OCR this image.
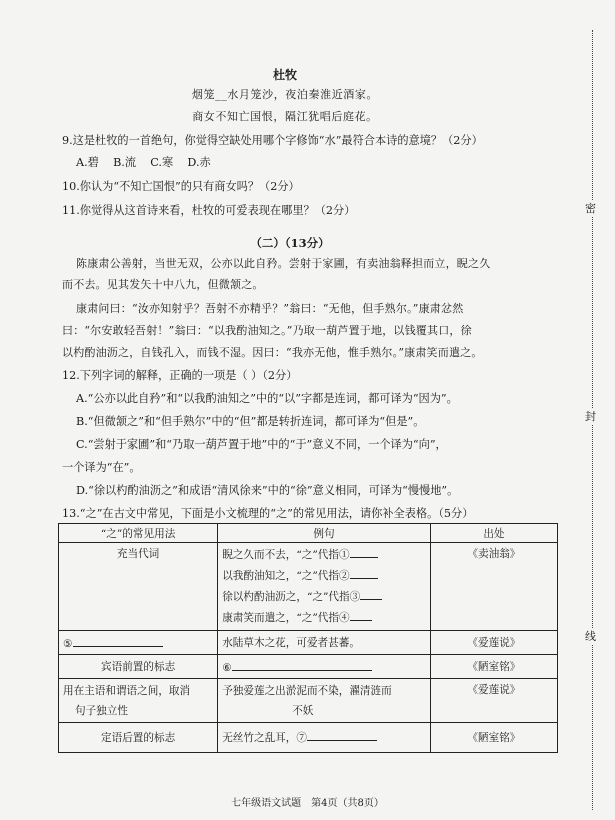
杜牧
烟笼__水月笼沙，夜泊秦淮近酒家。
商女不知亡国恨，隔江犹唱后庭花。
9.这是杜牧的一首绝句，你觉得空缺处用哪个字修饰“水”最符合本诗的意境？（2分）
A.碧 B.流 C.寒 D.赤
10.你认为“不知亡国恨”的只有商女吗？（2分）
11.你觉得从这首诗来看，杜牧的可爱表现在哪里？（2分）
（二）（13分）
陈康肃公善射，当世无双，公亦以此自矜。尝射于家圃，有卖油翁释担而立，睨之久
而不去。见其发矢十中八九，但微颔之。
康肃问曰：“汝亦知射乎？吾射不亦精乎？”翁曰：“无他，但手熟尔。”康肃忿然
曰：“尔安敢轻吾射！”翁曰：“以我酌油知之。”乃取一葫芦置于地，以钱覆其口，徐
以杓酌油沥之，自钱孔入，而钱不湿。因曰：“我亦无他，惟手熟尔。”康肃笑而遣之。
12.下列字词的解释，正确的一项是（ ）（2分）
A.“公亦以此自矜”和“以我酌油知之”中的“以”字都是连词，都可译为“因为”。
B.“但微颔之”和“但手熟尔”中的“但”都是转折连词，都可译为“但是”。
C.“尝射于家圃”和“乃取一葫芦置于地”中的“于”意义不同，一个译为“向”，
一个译为“在”。
D.“徐以杓酌油沥之”和成语“清风徐来”中的“徐”意义相同，可译为“慢慢地”。
13.“之”在古文中常见，下面是小文梳理的“之”的常见用法，请你补全表格。（5分）
“之”的常见用法	例句	出处
充当代词	睨之久而不去，“之”代指①
以我酌油知之，“之”代指②
徐以杓酌油沥之，“之”代指③
康肃笑而遣之，“之”代指④	《卖油翁》
⑤	水陆草木之花，可爱者甚蕃。	《爱莲说》
宾语前置的标志	⑥	《陋室铭》
用在主语和谓语之间，取消
句子独立性	予独爱莲之出淤泥而不染，濯清涟而
不妖	《爱莲说》
定语后置的标志	无丝竹之乱耳，⑦	《陋室铭》
七年级语文试题　第4页（共8页）
密
封
线
